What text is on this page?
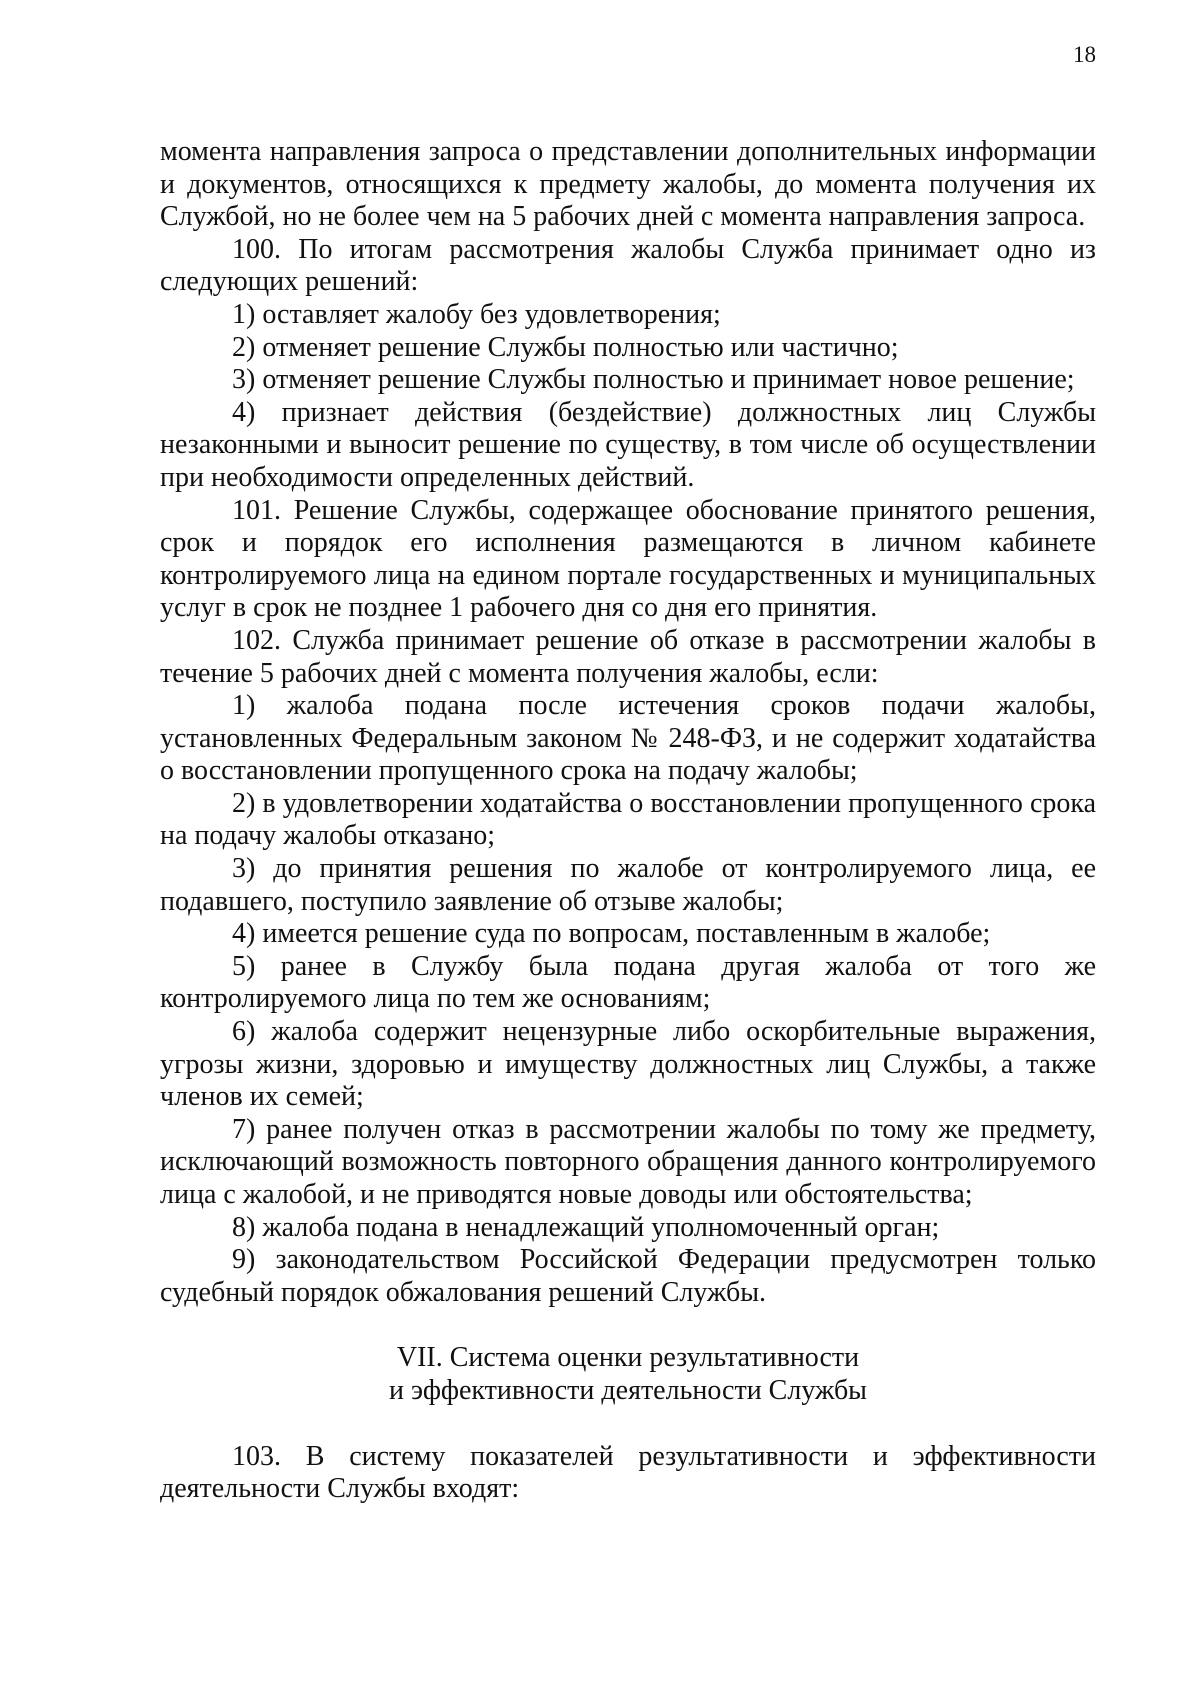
18

момента направления запроса о представлении дополнительных информации и документов, относящихся к предмету жалобы, до момента получения их Службой, но не более чем на 5 рабочих дней с момента направления запроса.

100. По итогам рассмотрения жалобы Служба принимает одно из следующих решений:

1) оставляет жалобу без удовлетворения;

2) отменяет решение Службы полностью или частично;

3) отменяет решение Службы полностью и принимает новое решение;

4) признает действия (бездействие) должностных лиц Службы незаконными и выносит решение по существу, в том числе об осуществлении при необходимости определенных действий.

101. Решение Службы, содержащее обоснование принятого решения, срок и порядок его исполнения размещаются в личном кабинете контролируемого лица на едином портале государственных и муниципальных услуг в срок не позднее 1 рабочего дня со дня его принятия.

102. Служба принимает решение об отказе в рассмотрении жалобы в течение 5 рабочих дней с момента получения жалобы, если:

1) жалоба подана после истечения сроков подачи жалобы, установленных Федеральным законом № 248-ФЗ, и не содержит ходатайства о восстановлении пропущенного срока на подачу жалобы;

2) в удовлетворении ходатайства о восстановлении пропущенного срока на подачу жалобы отказано;

3) до принятия решения по жалобе от контролируемого лица, ее подавшего, поступило заявление об отзыве жалобы;

4) имеется решение суда по вопросам, поставленным в жалобе;

5) ранее в Службу была подана другая жалоба от того же контролируемого лица по тем же основаниям;

6) жалоба содержит нецензурные либо оскорбительные выражения, угрозы жизни, здоровью и имуществу должностных лиц Службы, а также членов их семей;

7) ранее получен отказ в рассмотрении жалобы по тому же предмету, исключающий возможность повторного обращения данного контролируемого лица с жалобой, и не приводятся новые доводы или обстоятельства;

8) жалоба подана в ненадлежащий уполномоченный орган;

9) законодательством Российской Федерации предусмотрен только судебный порядок обжалования решений Службы.

VII. Система оценки результативности
и эффективности деятельности Службы

103. В систему показателей результативности и эффективности деятельности Службы входят:
